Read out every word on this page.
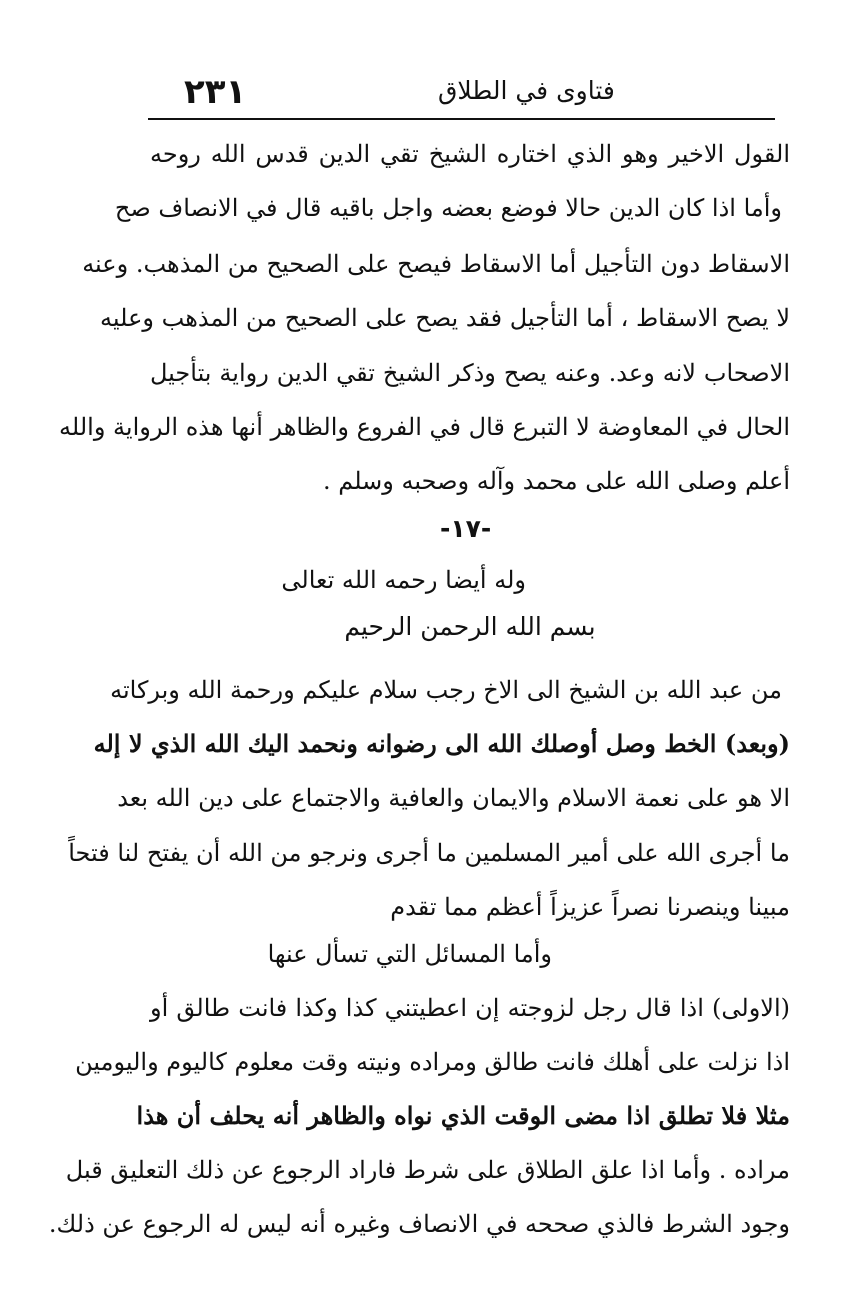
٢٣١	فتاوى في الطلاق
القول الاخير وهو الذي اختاره الشيخ تقي الدين قدس الله روحه
وأما اذا كان الدين حالا فوضع بعضه واجل باقيه قال في الانصاف صح
الاسقاط دون التأجيل أما الاسقاط فيصح على الصحيح من المذهب. وعنه
لا يصح الاسقاط ، أما التأجيل فقد يصح على الصحيح من المذهب وعليه
الاصحاب لانه وعد. وعنه يصح وذكر الشيخ تقي الدين رواية بتأجيل
الحال في المعاوضة لا التبرع قال في الفروع والظاهر أنها هذه الرواية والله
أعلم وصلى الله على محمد وآله وصحبه وسلم .
-١٧-
وله أيضا رحمه الله تعالى
بسم الله الرحمن الرحيم
من عبد الله بن الشيخ الى الاخ رجب سلام عليكم ورحمة الله وبركاته
(وبعد) الخط وصل أوصلك الله الى رضوانه ونحمد اليك الله الذي لا إله
الا هو على نعمة الاسلام والايمان والعافية والاجتماع على دين الله بعد
ما أجرى الله على أمير المسلمين ما أجرى ونرجو من الله أن يفتح لنا فتحاً
مبينا وينصرنا نصراً عزيزاً أعظم مما تقدم
وأما المسائل التي تسأل عنها
(الاولى) اذا قال رجل لزوجته إن اعطيتني كذا وكذا فانت طالق أو
اذا نزلت على أهلك فانت طالق ومراده ونيته وقت معلوم كاليوم واليومين
مثلا فلا تطلق اذا مضى الوقت الذي نواه والظاهر أنه يحلف أن هذا
مراده . وأما اذا علق الطلاق على شرط فاراد الرجوع عن ذلك التعليق قبل
وجود الشرط فالذي صححه في الانصاف وغيره أنه ليس له الرجوع عن ذلك.
